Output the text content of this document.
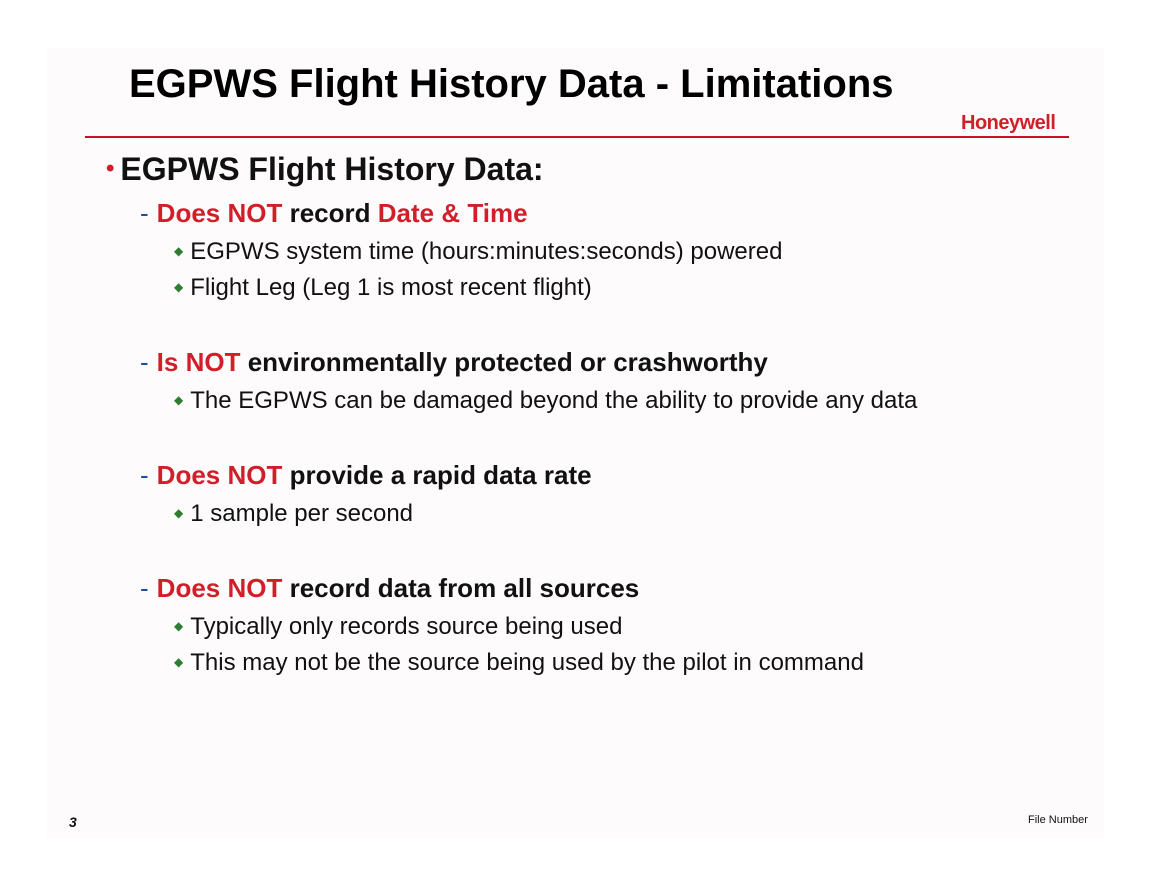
EGPWS Flight History Data - Limitations
Honeywell
• EGPWS Flight History Data:
- Does NOT record Date & Time
◆ EGPWS system time (hours:minutes:seconds) powered
◆ Flight Leg (Leg 1 is most recent flight)
- Is NOT environmentally protected or crashworthy
◆ The EGPWS can be damaged beyond the ability to provide any data
- Does NOT provide a rapid data rate
◆ 1 sample per second
- Does NOT record data from all sources
◆ Typically only records source being used
◆ This may not be the source being used by the pilot in command
3	File Number
